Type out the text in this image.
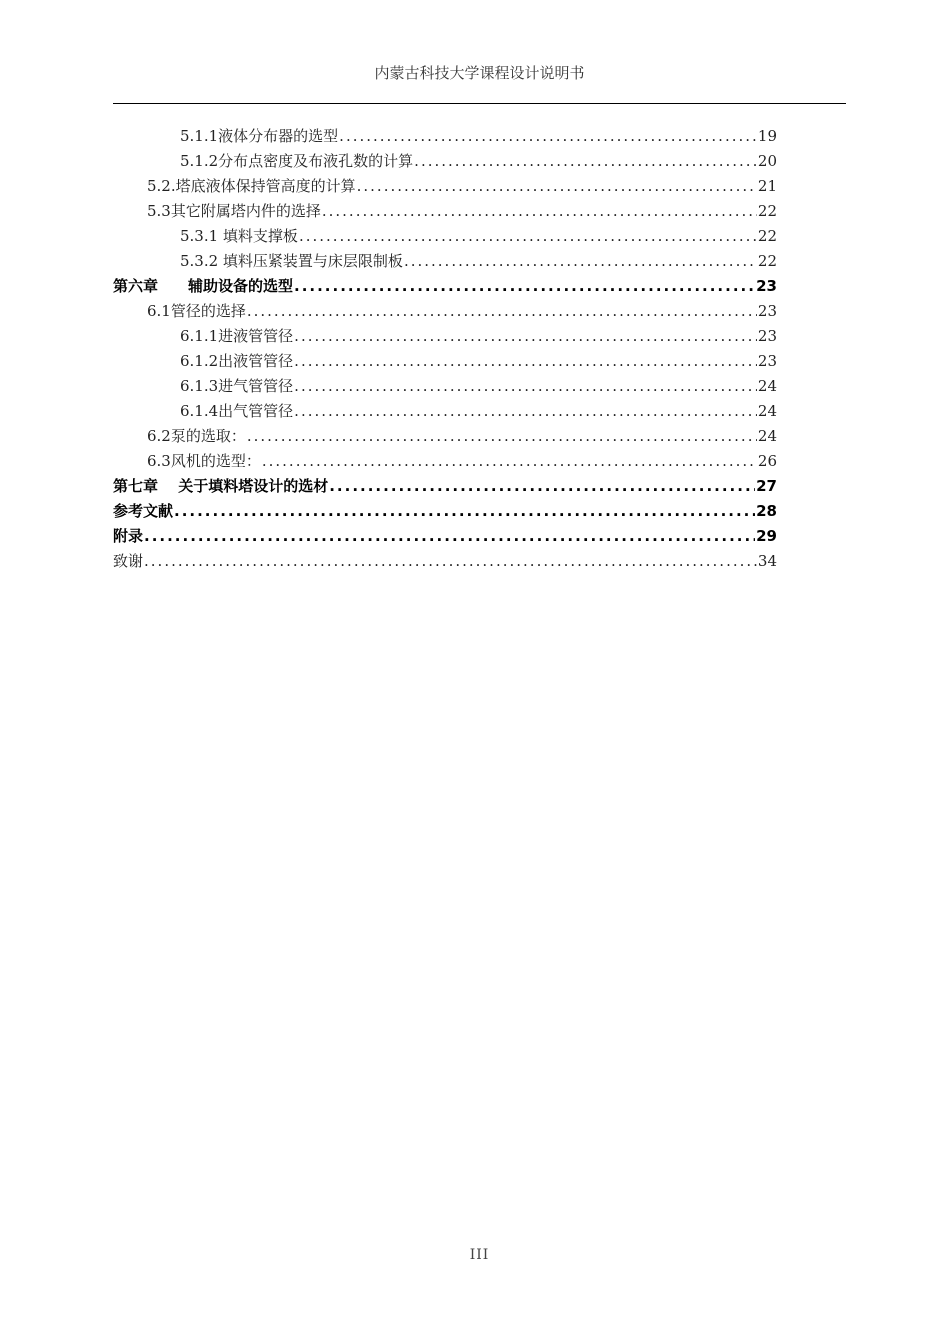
内蒙古科技大学课程设计说明书
5.1.1液体分布器的选型 .....	19
5.1.2分布点密度及布液孔数的计算 .....	20
5.2.塔底液体保持管高度的计算 .....	21
5.3其它附属塔内件的选择 .....	22
5.3.1 填料支撑板 .....	22
5.3.2 填料压紧装置与床层限制板 .....	22
第六章　　辅助设备的选型 .....	23
6.1管径的选择 .....	23
6.1.1进液管管径 .....	23
6.1.2出液管管径 .....	23
6.1.3进气管管径 .....	24
6.1.4出气管管径 .....	24
6.2泵的选取： .....	24
6.3风机的选型： .....	26
第七章　 关于填料塔设计的选材 .....	27
参考文献 .....	28
附录 .....	29
致谢 .....	34
III
